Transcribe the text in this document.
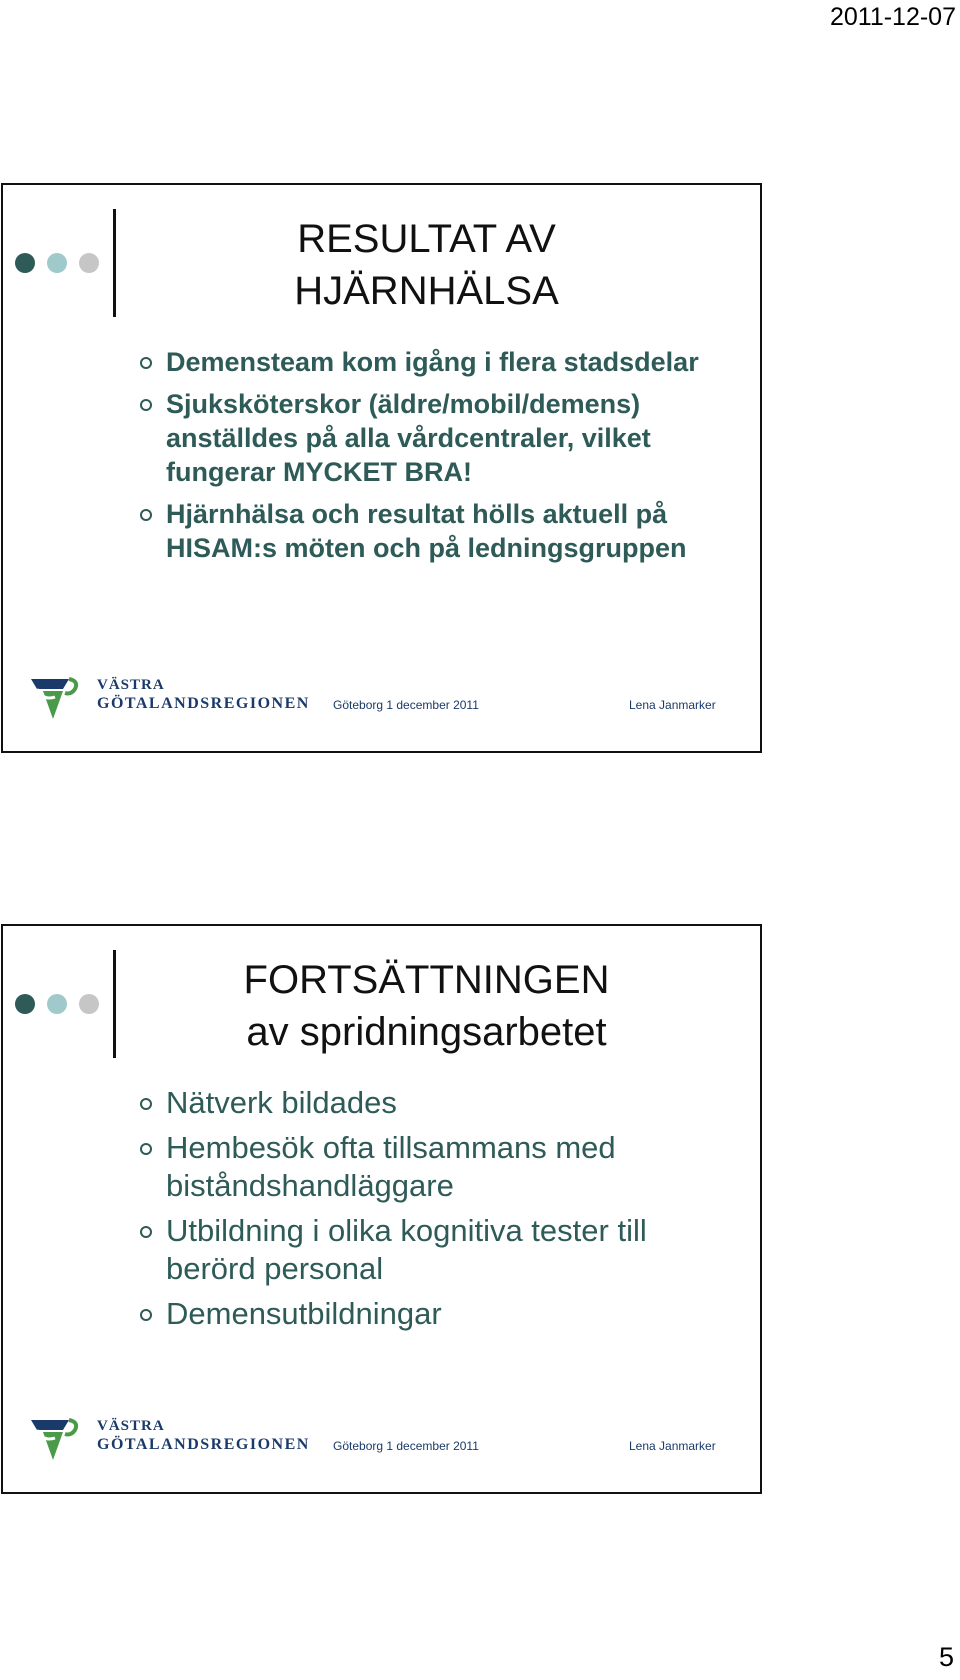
2011-12-07
RESULTAT AV
HJÄRNHÄLSA
Demensteam kom igång i flera stadsdelar
Sjuksköterskor (äldre/mobil/demens) anställdes på alla vårdcentraler, vilket fungerar MYCKET BRA!
Hjärnhälsa och resultat hölls aktuell på HISAM:s möten och på ledningsgruppen
VÄSTRA
GÖTALANDSREGIONEN Göteborg 1 december 2011	Lena Janmarker
FORTSÄTTNINGEN
av spridningsarbetet
Nätverk bildades
Hembesök ofta tillsammans med biståndshandläggare
Utbildning i olika kognitiva tester till berörd personal
Demensutbildningar
VÄSTRA
GÖTALANDSREGIONEN Göteborg 1 december 2011	Lena Janmarker
5
